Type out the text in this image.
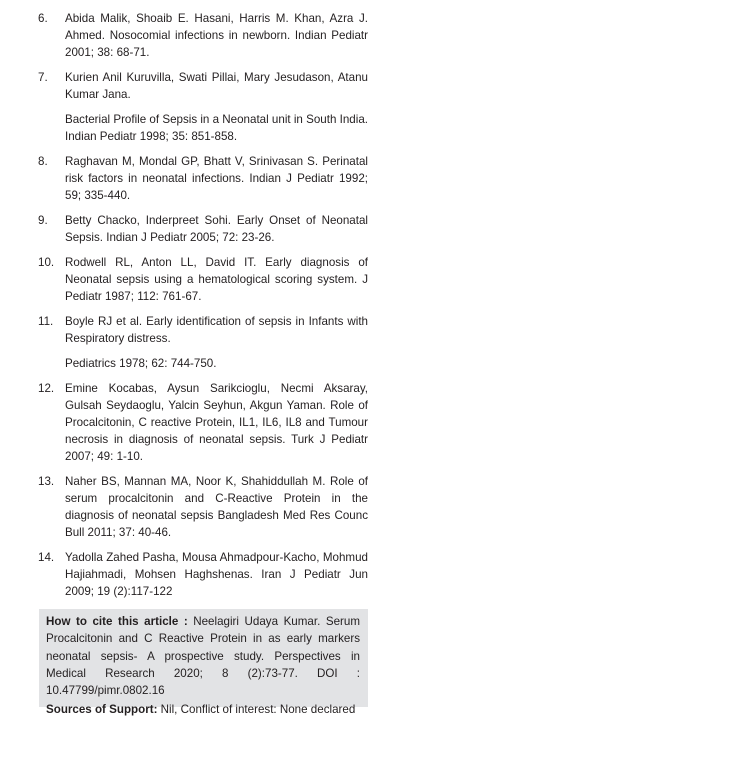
6. Abida Malik, Shoaib E. Hasani, Harris M. Khan, Azra J. Ahmed. Nosocomial infections in newborn. Indian Pediatr 2001; 38: 68-71.
7. Kurien Anil Kuruvilla, Swati Pillai, Mary Jesudason, Atanu Kumar Jana.
Bacterial Profile of Sepsis in a Neonatal unit in South India. Indian Pediatr 1998; 35: 851-858.
8. Raghavan M, Mondal GP, Bhatt V, Srinivasan S. Perinatal risk factors in neonatal infections. Indian J Pediatr 1992; 59; 335-440.
9. Betty Chacko, Inderpreet Sohi. Early Onset of Neonatal Sepsis. Indian J Pediatr 2005; 72: 23-26.
10. Rodwell RL, Anton LL, David IT. Early diagnosis of Neonatal sepsis using a hematological scoring system. J Pediatr 1987; 112: 761-67.
11. Boyle RJ et al. Early identification of sepsis in Infants with Respiratory distress.
Pediatrics 1978; 62: 744-750.
12. Emine Kocabas, Aysun Sarikcioglu, Necmi Aksaray, Gulsah Seydaoglu, Yalcin Seyhun, Akgun Yaman. Role of Procalcitonin, C reactive Protein, IL1, IL6, IL8 and Tumour necrosis in diagnosis of neonatal sepsis. Turk J Pediatr 2007; 49: 1-10.
13. Naher BS, Mannan MA, Noor K, Shahiddullah M. Role of serum procalcitonin and C-Reactive Protein in the diagnosis of neonatal sepsis Bangladesh Med Res Counc Bull 2011; 37: 40-46.
14. Yadolla Zahed Pasha, Mousa Ahmadpour-Kacho, Mohmud Hajiahmadi, Mohsen Haghshenas. Iran J Pediatr Jun 2009; 19 (2):117-122

How to cite this article : Neelagiri Udaya Kumar. Serum Procalcitonin and C Reactive Protein in as early markers neonatal sepsis- A prospective study. Perspectives in Medical Research 2020; 8 (2):73-77. DOI : 10.47799/pimr.0802.16

Sources of Support: Nil, Conflict of interest: None declared
